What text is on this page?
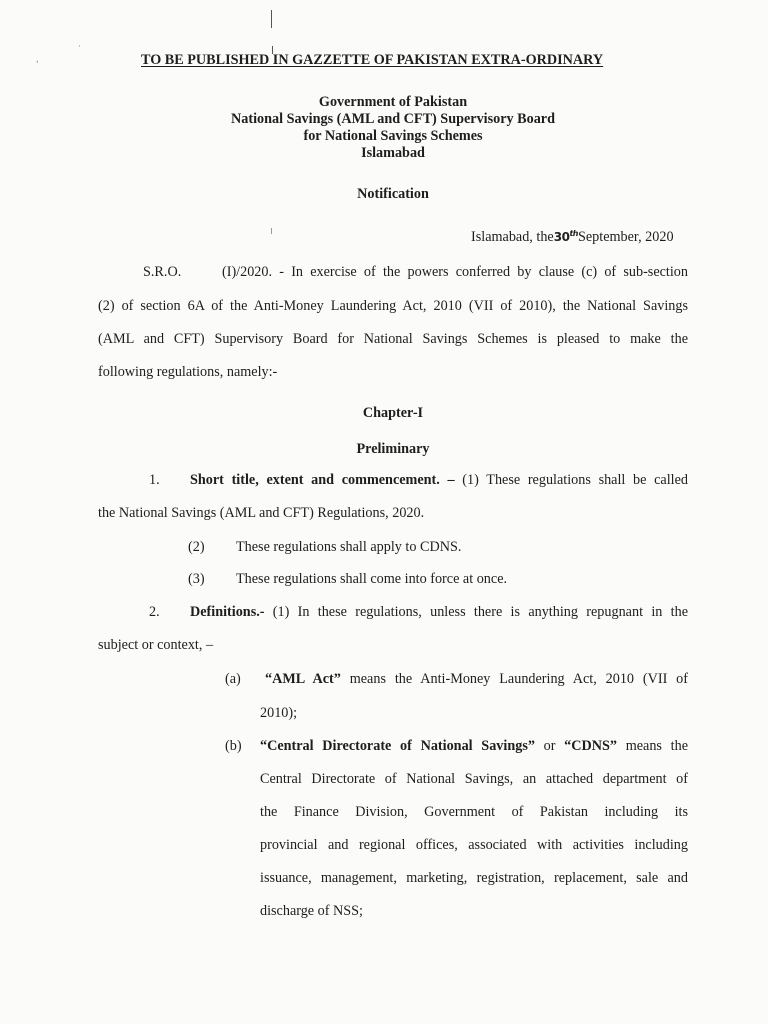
·
'	TO BE PUBLISHED IN GAZZETTE OF PAKISTAN EXTRA-ORDINARY
Government of Pakistan
National Savings (AML and CFT) Supervisory Board
for National Savings Schemes
Islamabad
Notification
Islamabad, the30thSeptember, 2020
S.R.O.	(I)/2020. - In exercise of the powers conferred by clause (c) of sub-section
(2) of section 6A of the Anti-Money Laundering Act, 2010 (VII of 2010), the National Savings
(AML and CFT) Supervisory Board for National Savings Schemes is pleased to make the
following regulations, namely:-
Chapter-I
Preliminary
1. Short title, extent and commencement. – (1) These regulations shall be called
the National Savings (AML and CFT) Regulations, 2020.
(2) These regulations shall apply to CDNS.
(3) These regulations shall come into force at once.
2. Definitions.- (1) In these regulations, unless there is anything repugnant in the
subject or context, –
(a) “AML Act” means the Anti-Money Laundering Act, 2010 (VII of
2010);
(b) “Central Directorate of National Savings” or “CDNS” means the
Central Directorate of National Savings, an attached department of
the Finance Division, Government of Pakistan including its
provincial and regional offices, associated with activities including
issuance, management, marketing, registration, replacement, sale and
discharge of NSS;
